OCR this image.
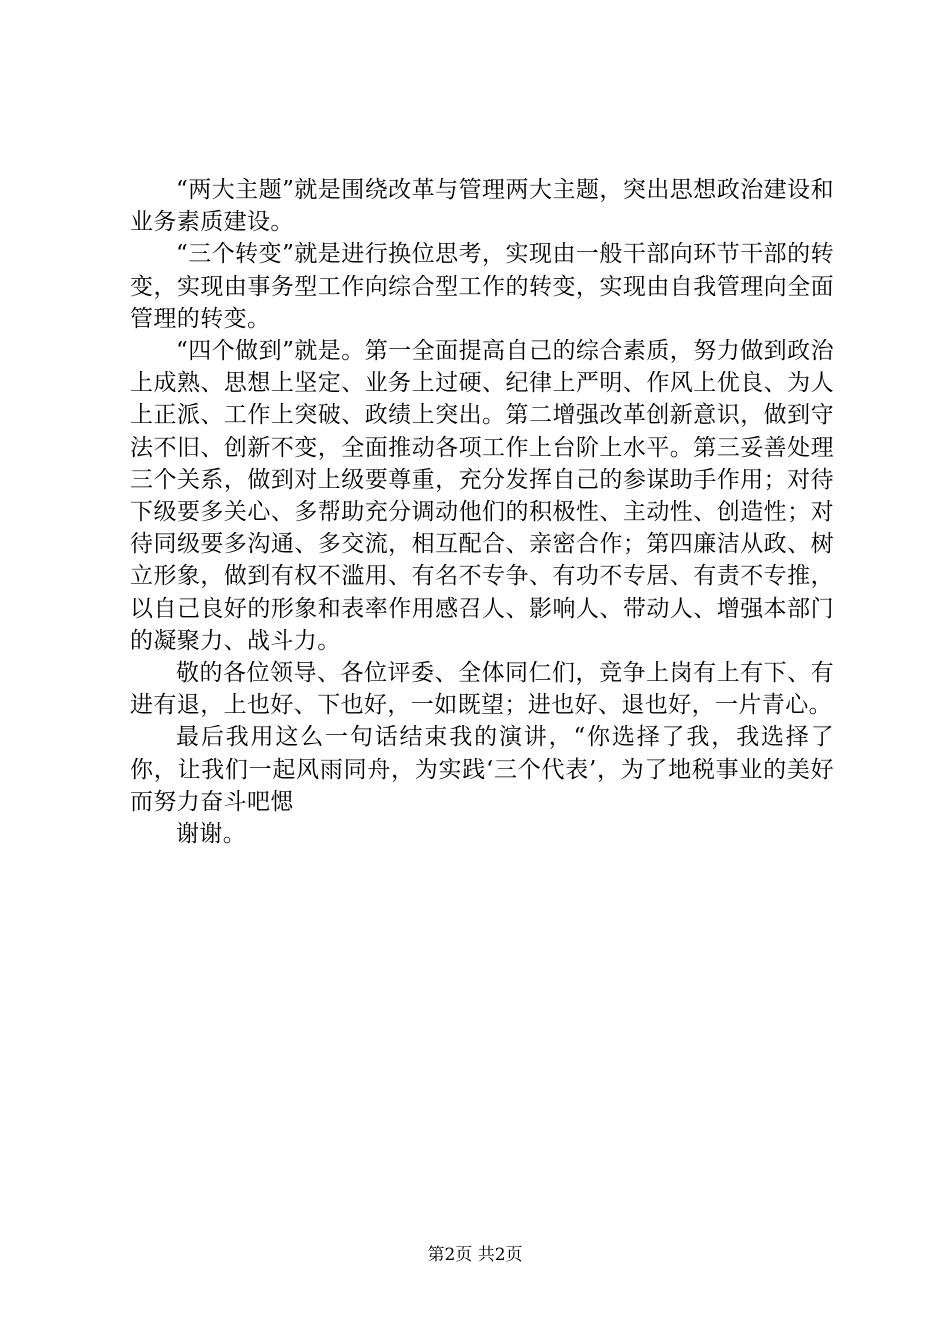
“两大主题”就是围绕改革与管理两大主题，突出思想政治建设和业务素质建设。

“三个转变”就是进行换位思考，实现由一般干部向环节干部的转变，实现由事务型工作向综合型工作的转变，实现由自我管理向全面管理的转变。

“四个做到”就是。第一全面提高自己的综合素质，努力做到政治上成熟、思想上坚定、业务上过硬、纪律上严明、作风上优良、为人上正派、工作上突破、政绩上突出。第二增强改革创新意识，做到守法不旧、创新不变，全面推动各项工作上台阶上水平。第三妥善处理三个关系，做到对上级要尊重，充分发挥自己的参谋助手作用；对待下级要多关心、多帮助充分调动他们的积极性、主动性、创造性；对待同级要多沟通、多交流，相互配合、亲密合作；第四廉洁从政、树立形象，做到有权不滥用、有名不专争、有功不专居、有责不专推，以自己良好的形象和表率作用感召人、影响人、带动人、增强本部门的凝聚力、战斗力。

敬的各位领导、各位评委、全体同仁们，竞争上岗有上有下、有进有退，上也好、下也好，一如既望；进也好、退也好，一片青心。

最后我用这么一句话结束我的演讲，“你选择了我，我选择了你，让我们一起风雨同舟，为实践‘三个代表’，为了地税事业的美好而努力奋斗吧愢

谢谢。

第2页 共2页
